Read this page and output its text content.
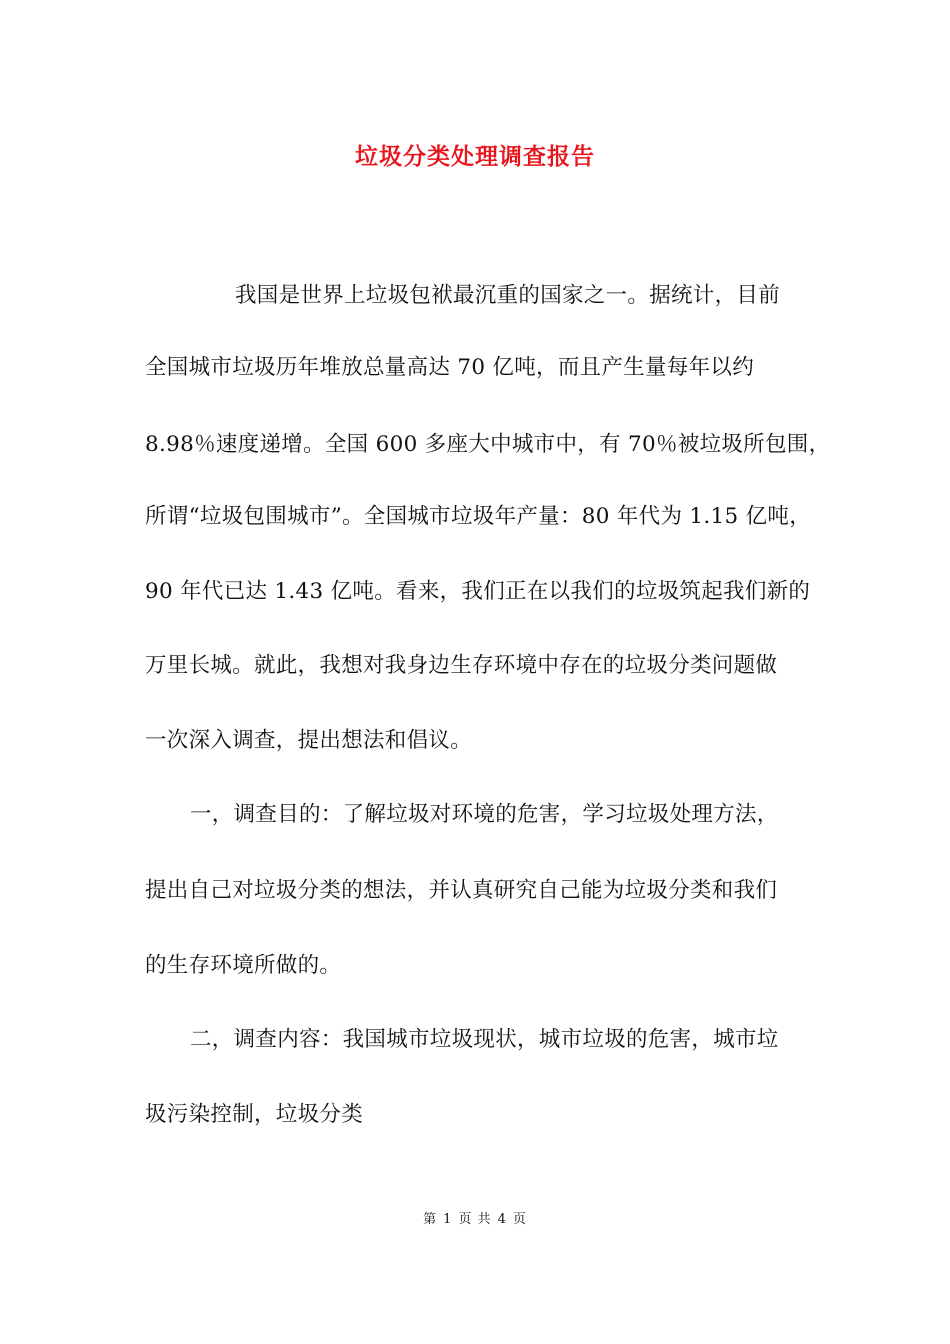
垃圾分类处理调查报告
我国是世界上垃圾包袱最沉重的国家之一。据统计，目前
全国城市垃圾历年堆放总量高达 70 亿吨，而且产生量每年以约
8.98％速度递增。全国 600 多座大中城市中，有 70％被垃圾所包围，
所谓“垃圾包围城市”。全国城市垃圾年产量：80 年代为 1.15 亿吨，
90 年代已达 1.43 亿吨。看来，我们正在以我们的垃圾筑起我们新的
万里长城。就此，我想对我身边生存环境中存在的垃圾分类问题做
一次深入调查，提出想法和倡议。
一，调查目的：了解垃圾对环境的危害，学习垃圾处理方法，
提出自己对垃圾分类的想法，并认真研究自己能为垃圾分类和我们
的生存环境所做的。
二，调查内容：我国城市垃圾现状，城市垃圾的危害，城市垃
圾污染控制，垃圾分类
第 1 页 共 4 页
